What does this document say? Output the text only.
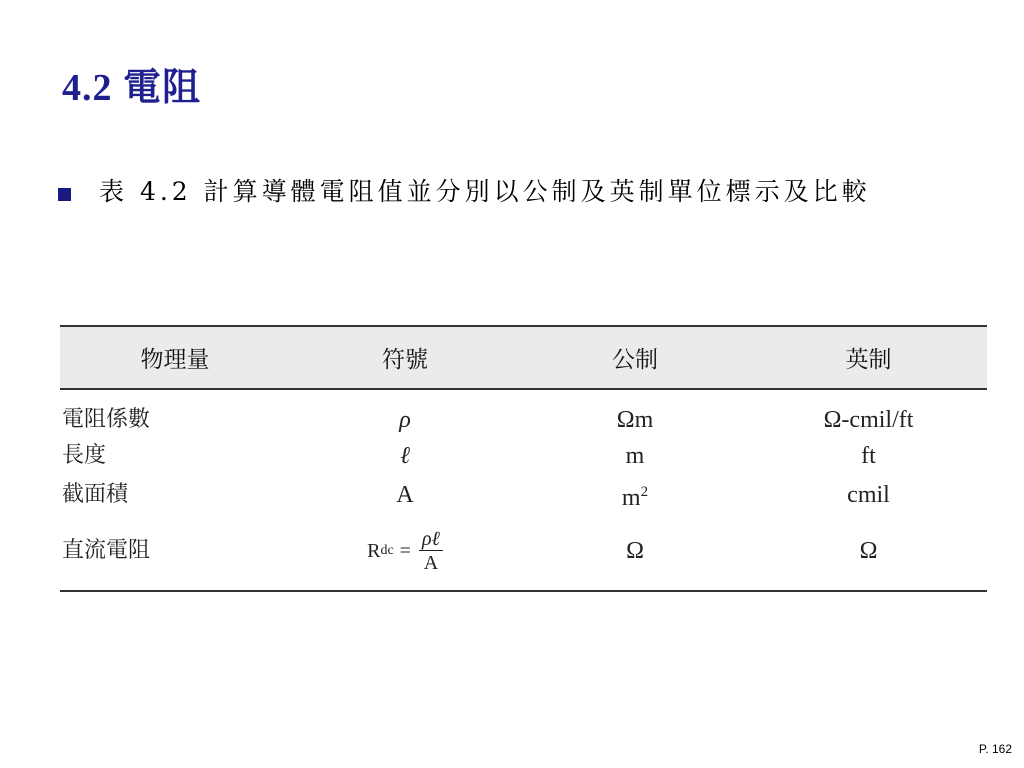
4.2 電阻
表 4.2 計算導體電阻值並分別以公制及英制單位標示及比較
物理量	符號	公制	英制
電阻係數	ρ	Ωm	Ω-cmil/ft
長度	ℓ	m	ft
截面積	A	$m^2$	cmil
直流電阻	R dc = $\frac{\text{ρℓ}}{A}$	Ω	Ω
P. 162
